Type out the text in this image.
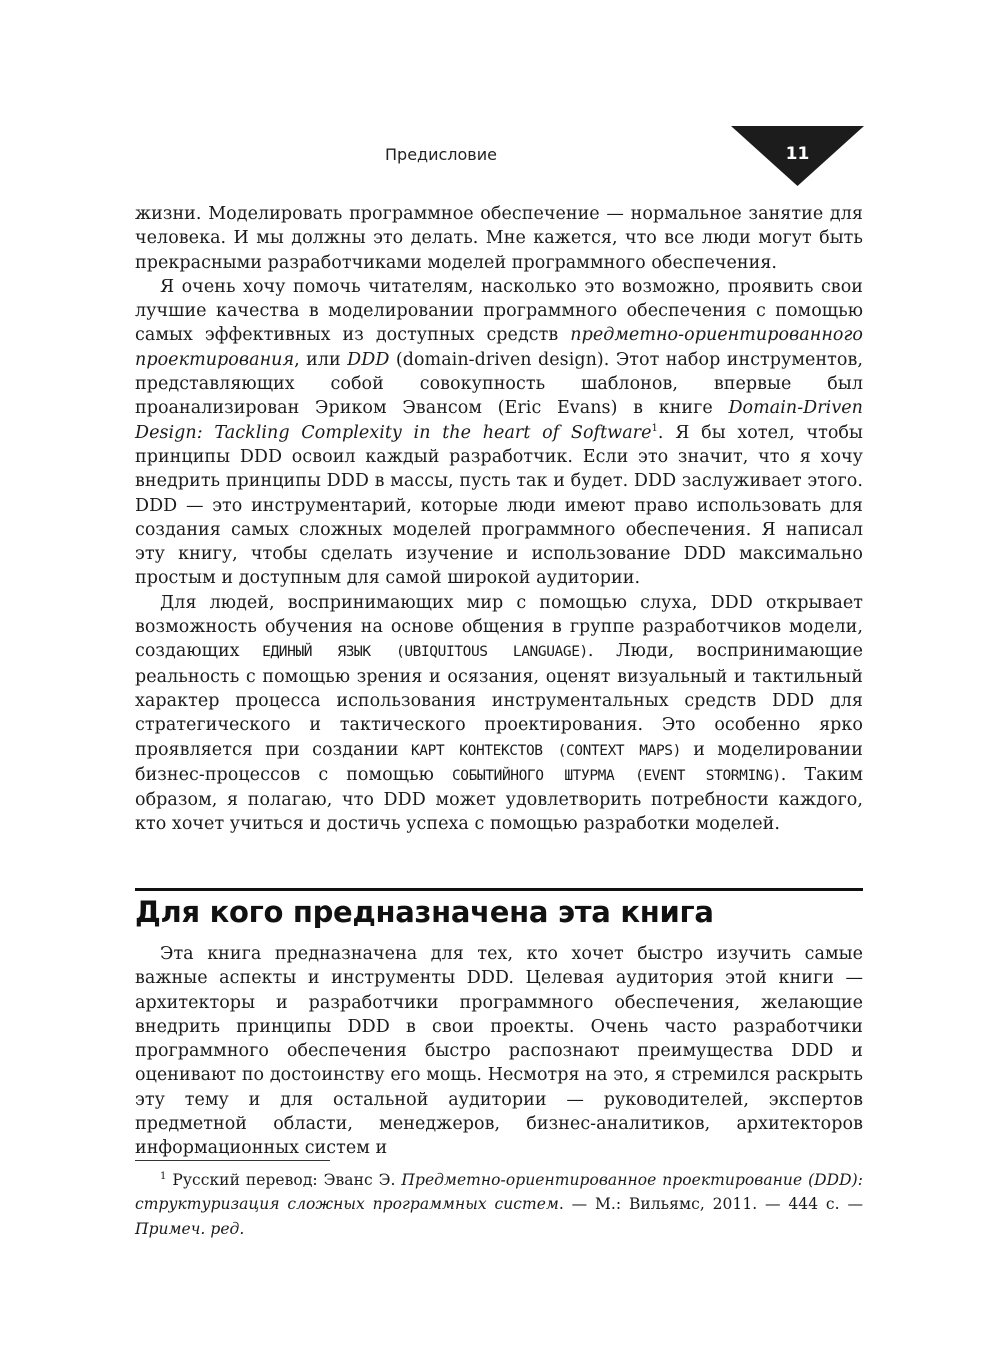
Предисловие	11

жизни. Моделировать программное обеспечение — нормальное занятие для человека. И мы должны это делать. Мне кажется, что все люди могут быть прекрасными разработчиками моделей программного обеспечения.

Я очень хочу помочь читателям, насколько это возможно, проявить свои лучшие качества в моделировании программного обеспечения с помощью самых эффективных из доступных средств предметно-ориентированного проектирования, или DDD (domain-driven design). Этот набор инструментов, представляющих собой совокупность шаблонов, впервые был проанализирован Эриком Эвансом (Eric Evans) в книге Domain-Driven Design: Tackling Complexity in the heart of Software$^1$. Я бы хотел, чтобы принципы DDD освоил каждый разработчик. Если это значит, что я хочу внедрить принципы DDD в массы, пусть так и будет. DDD заслуживает этого. DDD — это инструментарий, которые люди имеют право использовать для создания самых сложных моделей программного обеспечения. Я написал эту книгу, чтобы сделать изучение и использование DDD максимально простым и доступным для самой широкой аудитории.

Для людей, воспринимающих мир с помощью слуха, DDD открывает возможность обучения на основе общения в группе разработчиков модели, создающих ЕДИНЫЙ ЯЗЫК (UBIQUITOUS LANGUAGE). Люди, воспринимающие реальность с помощью зрения и осязания, оценят визуальный и тактильный характер процесса использования инструментальных средств DDD для стратегического и тактического проектирования. Это особенно ярко проявляется при создании КАРТ КОНТЕКСТОВ (CONTEXT MAPS) и моделировании бизнес-процессов с помощью СОБЫТИЙНОГО ШТУРМА (EVENT STORMING). Таким образом, я полагаю, что DDD может удовлетворить потребности каждого, кто хочет учиться и достичь успеха с помощью разработки моделей.

Для кого предназначена эта книга

Эта книга предназначена для тех, кто хочет быстро изучить самые важные аспекты и инструменты DDD. Целевая аудитория этой книги — архитекторы и разработчики программного обеспечения, желающие внедрить принципы DDD в свои проекты. Очень часто разработчики программного обеспечения быстро распознают преимущества DDD и оценивают по достоинству его мощь. Несмотря на это, я стремился раскрыть эту тему и для остальной аудитории — руководителей, экспертов предметной области, менеджеров, бизнес-аналитиков, архитекторов информационных систем и

$^1$ Русский перевод: Эванс Э. Предметно-ориентированное проектирование (DDD): структуризация сложных программных систем. — М.: Вильямс, 2011. — 444 с. — Примеч. ред.
